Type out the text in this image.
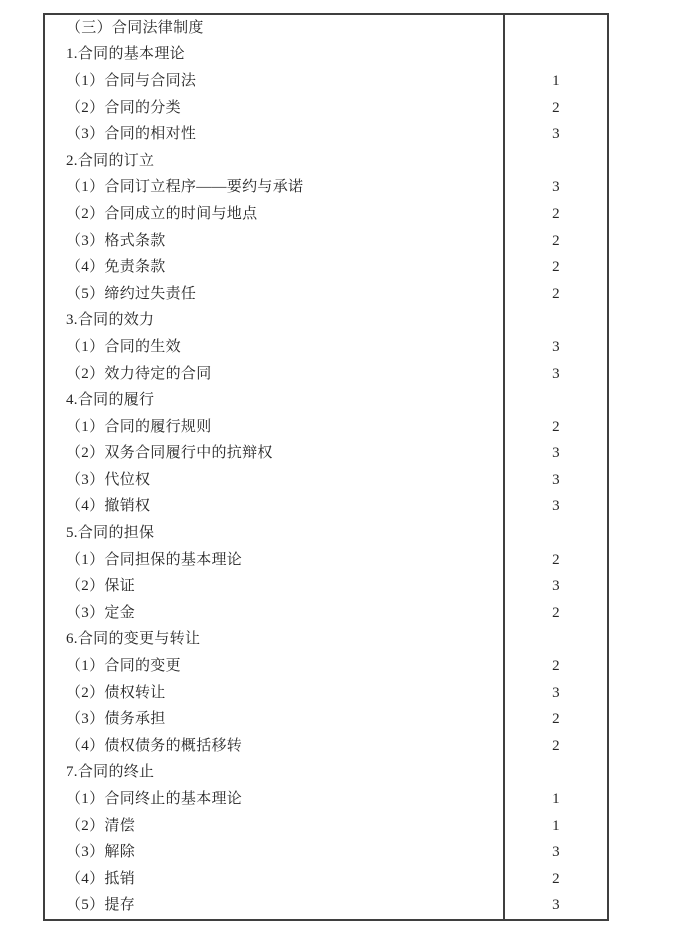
（三）合同法律制度
1.合同的基本理论
（1）合同与合同法	1
（2）合同的分类	2
（3）合同的相对性	3
2.合同的订立
（1）合同订立程序——要约与承诺	3
（2）合同成立的时间与地点	2
（3）格式条款	2
（4）免责条款	2
（5）缔约过失责任	2
3.合同的效力
（1）合同的生效	3
（2）效力待定的合同	3
4.合同的履行
（1）合同的履行规则	2
（2）双务合同履行中的抗辩权	3
（3）代位权	3
（4）撤销权	3
5.合同的担保
（1）合同担保的基本理论	2
（2）保证	3
（3）定金	2
6.合同的变更与转让
（1）合同的变更	2
（2）债权转让	3
（3）债务承担	2
（4）债权债务的概括移转	2
7.合同的终止
（1）合同终止的基本理论	1
（2）清偿	1
（3）解除	3
（4）抵销	2
（5）提存	3
